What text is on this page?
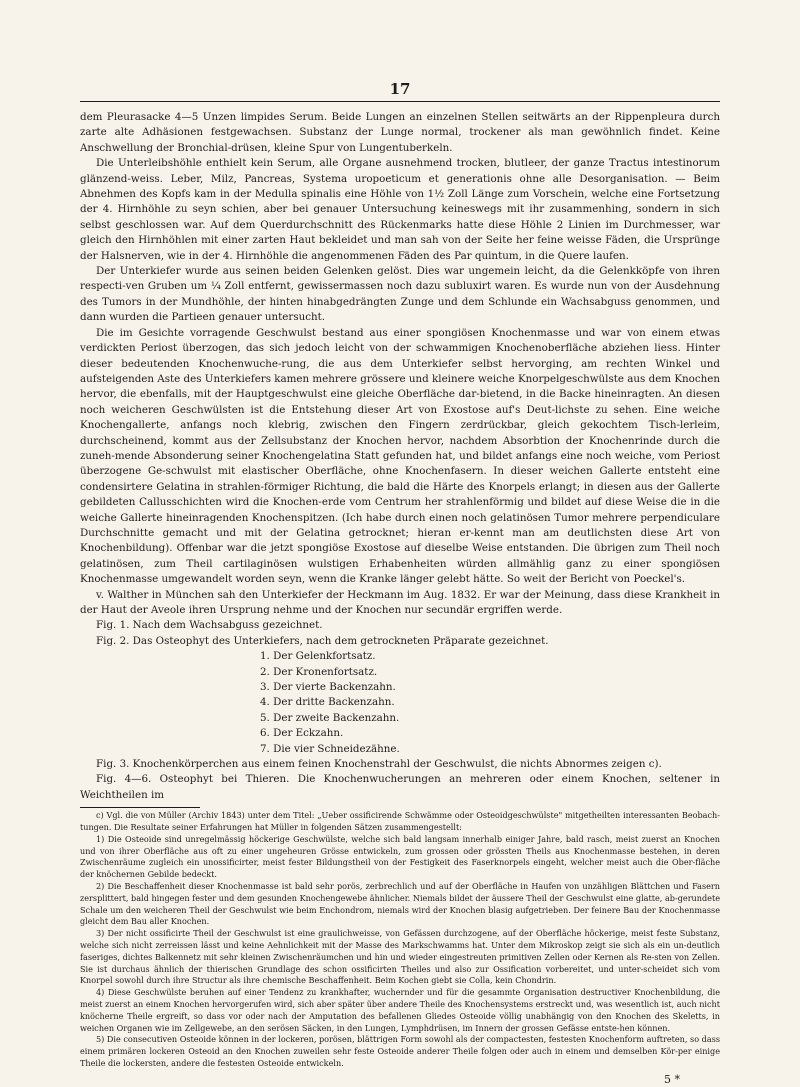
17

dem Pleurasacke 4—5 Unzen limpides Serum. Beide Lungen an einzelnen Stellen seitwärts an der Rippenpleura durch zarte alte Adhäsionen festgewachsen. Substanz der Lunge normal, trockener als man gewöhnlich findet. Keine Anschwellung der Bronchial-drüsen, kleine Spur von Lungentuberkeln.

Die Unterleibshöhle enthielt kein Serum, alle Organe ausnehmend trocken, blutleer, der ganze Tractus intestinorum glänzend-weiss. Leber, Milz, Pancreas, Systema uropoeticum et generationis ohne alle Desorganisation. — Beim Abnehmen des Kopfs kam in der Medulla spinalis eine Höhle von 1½ Zoll Länge zum Vorschein, welche eine Fortsetzung der 4. Hirnhöhle zu seyn schien, aber bei genauer Untersuchung keineswegs mit ihr zusammenhing, sondern in sich selbst geschlossen war. Auf dem Querdurchschnitt des Rückenmarks hatte diese Höhle 2 Linien im Durchmesser, war gleich den Hirnhöhlen mit einer zarten Haut bekleidet und man sah von der Seite her feine weisse Fäden, die Ursprünge der Halsnerven, wie in der 4. Hirnhöhle die angenommenen Fäden des Par quintum, in die Quere laufen.

Der Unterkiefer wurde aus seinen beiden Gelenken gelöst. Dies war ungemein leicht, da die Gelenkköpfe von ihren respecti-ven Gruben um ¼ Zoll entfernt, gewissermassen noch dazu subluxirt waren. Es wurde nun von der Ausdehnung des Tumors in der Mundhöhle, der hinten hinabgedrängten Zunge und dem Schlunde ein Wachsabguss genommen, und dann wurden die Partieen genauer untersucht.

Die im Gesichte vorragende Geschwulst bestand aus einer spongiösen Knochenmasse und war von einem etwas verdickten Periost überzogen, das sich jedoch leicht von der schwammigen Knochenoberfläche abziehen liess. Hinter dieser bedeutenden Knochenwuche-rung, die aus dem Unterkiefer selbst hervorging, am rechten Winkel und aufsteigenden Aste des Unterkiefers kamen mehrere grössere und kleinere weiche Knorpelgeschwülste aus dem Knochen hervor, die ebenfalls, mit der Hauptgeschwulst eine gleiche Oberfläche dar-bietend, in die Backe hineinragten. An diesen noch weicheren Geschwülsten ist die Entstehung dieser Art von Exostose auf's Deut-lichste zu sehen. Eine weiche Knochengallerte, anfangs noch klebrig, zwischen den Fingern zerdrückbar, gleich gekochtem Tisch-lerleim, durchscheinend, kommt aus der Zellsubstanz der Knochen hervor, nachdem Absorbtion der Knochenrinde durch die zuneh-mende Absonderung seiner Knochengelatina Statt gefunden hat, und bildet anfangs eine noch weiche, vom Periost überzogene Ge-schwulst mit elastischer Oberfläche, ohne Knochenfasern. In dieser weichen Gallerte entsteht eine condensirtere Gelatina in strahlen-förmiger Richtung, die bald die Härte des Knorpels erlangt; in diesen aus der Gallerte gebildeten Callusschichten wird die Knochen-erde vom Centrum her strahlenförmig und bildet auf diese Weise die in die weiche Gallerte hineinragenden Knochenspitzen. (Ich habe durch einen noch gelatinösen Tumor mehrere perpendiculare Durchschnitte gemacht und mit der Gelatina getrocknet; hieran er-kennt man am deutlichsten diese Art von Knochenbildung). Offenbar war die jetzt spongiöse Exostose auf dieselbe Weise entstanden. Die übrigen zum Theil noch gelatinösen, zum Theil cartilaginösen wulstigen Erhabenheiten würden allmählig ganz zu einer spongiösen Knochenmasse umgewandelt worden seyn, wenn die Kranke länger gelebt hätte. So weit der Bericht von Poeckel's.

v. Walther in München sah den Unterkiefer der Heckmann im Aug. 1832. Er war der Meinung, dass diese Krankheit in der Haut der Aveole ihren Ursprung nehme und der Knochen nur secundär ergriffen werde.

Fig. 1. Nach dem Wachsabguss gezeichnet.

Fig. 2. Das Osteophyt des Unterkiefers, nach dem getrockneten Präparate gezeichnet.

1. Der Gelenkfortsatz.
2. Der Kronenfortsatz.
3. Der vierte Backenzahn.
4. Der dritte Backenzahn.
5. Der zweite Backenzahn.
6. Der Eckzahn.
7. Die vier Schneidezähne.

Fig. 3. Knochenkörperchen aus einem feinen Knochenstrahl der Geschwulst, die nichts Abnormes zeigen c).

Fig. 4—6. Osteophyt bei Thieren. Die Knochenwucherungen an mehreren oder einem Knochen, seltener in Weichtheilen im

c) Vgl. die von Müller (Archiv 1843) unter dem Titel: „Ueber ossificirende Schwämme oder Osteoidgeschwülste" mitgetheilten interessanten Beobach-tungen. Die Resultate seiner Erfahrungen hat Müller in folgenden Sätzen zusammengestellt:

1) Die Osteoide sind unregelmässig höckerige Geschwülste, welche sich bald langsam innerhalb einiger Jahre, bald rasch, meist zuerst an Knochen und von ihrer Oberfläche aus oft zu einer ungeheuren Grösse entwickeln, zum grossen oder grössten Theils aus Knochenmasse bestehen, in deren Zwischenräume zugleich ein unossificirter, meist fester Bildungstheil von der Festigkeit des Faserknorpels eingeht, welcher meist auch die Ober-fläche der knöchernen Gebilde bedeckt.

2) Die Beschaffenheit dieser Knochenmasse ist bald sehr porös, zerbrechlich und auf der Oberfläche in Haufen von unzähligen Blättchen und Fasern zersplittert, bald hingegen fester und dem gesunden Knochengewebe ähnlicher. Niemals bildet der äussere Theil der Geschwulst eine glatte, ab-gerundete Schale um den weicheren Theil der Geschwulst wie beim Enchondrom, niemals wird der Knochen blasig aufgetrieben. Der feinere Bau der Knochenmasse gleicht dem Bau aller Knochen.

3) Der nicht ossificirte Theil der Geschwulst ist eine graulichweisse, von Gefässen durchzogene, auf der Oberfläche höckerige, meist feste Substanz, welche sich nicht zerreissen lässt und keine Aehnlichkeit mit der Masse des Markschwamms hat. Unter dem Mikroskop zeigt sie sich als ein un-deutlich faseriges, dichtes Balkennetz mit sehr kleinen Zwischenräumchen und hin und wieder eingestreuten primitiven Zellen oder Kernen als Re-sten von Zellen. Sie ist durchaus ähnlich der thierischen Grundlage des schon ossificirten Theiles und also zur Ossification vorbereitet, und unter-scheidet sich vom Knorpel sowohl durch ihre Structur als ihre chemische Beschaffenheit. Beim Kochen giebt sie Colla, kein Chondrin.

4) Diese Geschwülste beruhen auf einer Tendenz zu krankhafter, wuchernder und für die gesammte Organisation destructiver Knochenbildung, die meist zuerst an einem Knochen hervorgerufen wird, sich aber später über andere Theile des Knochensystems erstreckt und, was wesentlich ist, auch nicht knöcherne Theile ergreift, so dass vor oder nach der Amputation des befallenen Gliedes Osteoide völlig unabhängig von den Knochen des Skeletts, in weichen Organen wie im Zellgewebe, an den serösen Säcken, in den Lungen, Lymphdrüsen, im Innern der grossen Gefässe entste-hen können.

5) Die consecutiven Osteoide können in der lockeren, porösen, blättrigen Form sowohl als der compactesten, festesten Knochenform auftreten, so dass einem primären lockeren Osteoid an den Knochen zuweilen sehr feste Osteoide anderer Theile folgen oder auch in einem und demselben Kör-per einige Theile die lockersten, andere die festesten Osteoide entwickeln.

5 *
